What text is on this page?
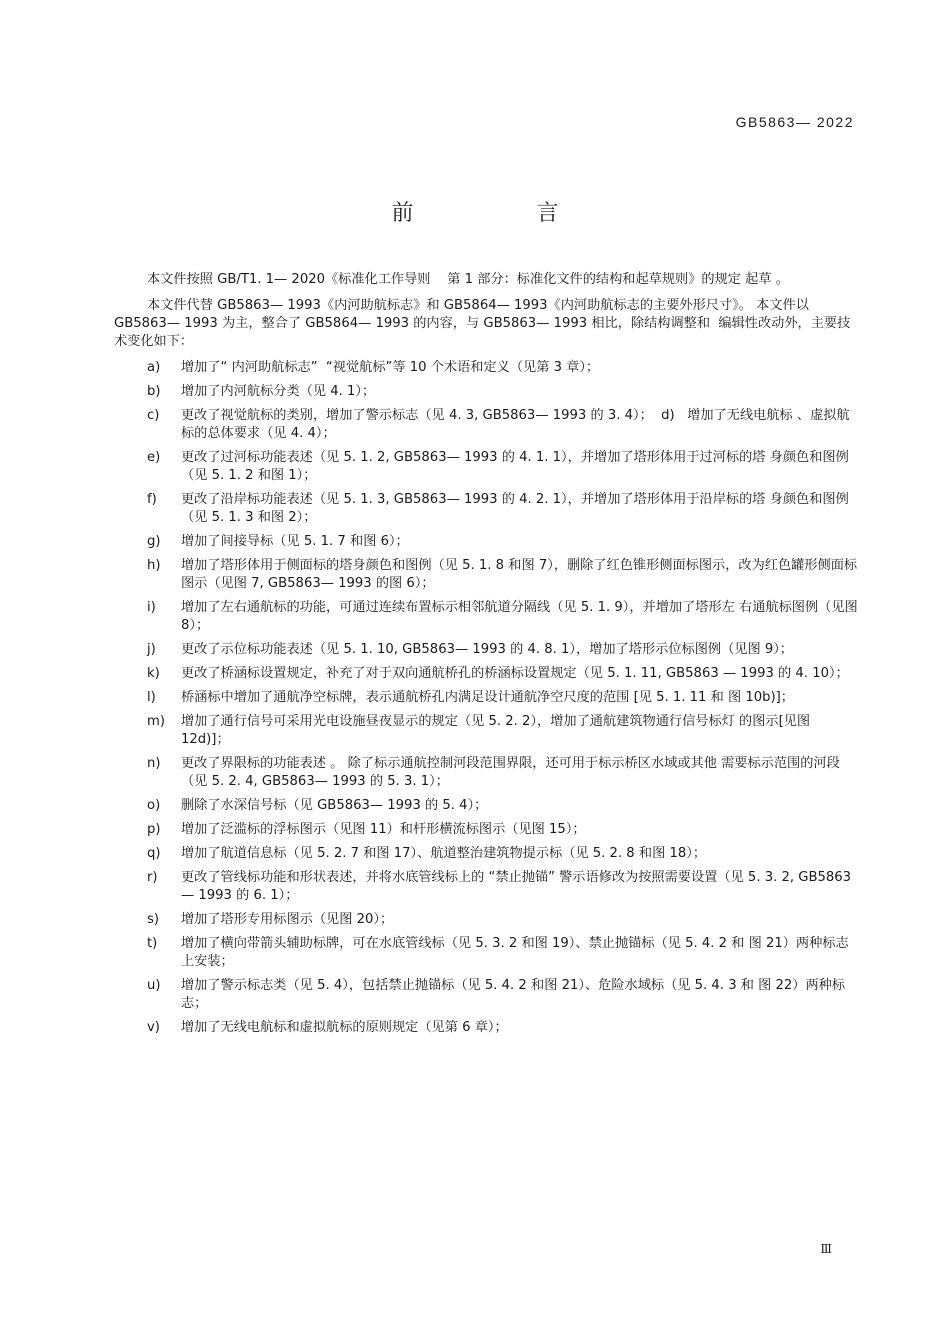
GB5863— 2022
前 言

本文件按照 GB/T1. 1— 2020《标准化工作导则    第 1 部分：标准化文件的结构和起草规则》的规定 起草 。

本文件代替 GB5863— 1993《内河助航标志》和 GB5864— 1993《内河助航标志的主要外形尺寸》。 本文件以 GB5863— 1993 为主，整合了 GB5864— 1993 的内容，与 GB5863— 1993 相比，除结构调整和  编辑性改动外，主要技术变化如下：

a)	增加了“ 内河助航标志”  “视觉航标”等 10 个术语和定义（见第 3 章）；
b)	增加了内河航标分类（见 4. 1）；
c)	更改了视觉航标的类别，增加了警示标志（见 4. 3, GB5863— 1993 的 3. 4）；  d)   增加了无线电航标 、虚拟航标的总体要求（见 4. 4）；
e)	更改了过河标功能表述（见 5. 1. 2, GB5863— 1993 的 4. 1. 1），并增加了塔形体用于过河标的塔 身颜色和图例（见 5. 1. 2 和图 1）；
f)	更改了沿岸标功能表述（见 5. 1. 3, GB5863— 1993 的 4. 2. 1），并增加了塔形体用于沿岸标的塔 身颜色和图例（见 5. 1. 3 和图 2）；
g)	增加了间接导标（见 5. 1. 7 和图 6）；
h)	增加了塔形体用于侧面标的塔身颜色和图例（见 5. 1. 8 和图 7），删除了红色锥形侧面标图示，改为红色罐形侧面标图示（见图 7, GB5863— 1993 的图 6）；
i)	增加了左右通航标的功能，可通过连续布置标示相邻航道分隔线（见 5. 1. 9），并增加了塔形左 右通航标图例（见图 8）；
j)	更改了示位标功能表述（见 5. 1. 10, GB5863— 1993 的 4. 8. 1），增加了塔形示位标图例（见图 9）；
k)	更改了桥涵标设置规定，补充了对于双向通航桥孔的桥涵标设置规定（见 5. 1. 11, GB5863 — 1993 的 4. 10）；
l)	桥涵标中增加了通航净空标牌，表示通航桥孔内满足设计通航净空尺度的范围 [见 5. 1. 11 和 图 10b)]；
m)	增加了通行信号可采用光电设施昼夜显示的规定（见 5. 2. 2），增加了通航建筑物通行信号标灯 的图示[见图 12d)]；
n)	更改了界限标的功能表述 。 除了标示通航控制河段范围界限，还可用于标示桥区水域或其他 需要标示范围的河段（见 5. 2. 4, GB5863— 1993 的 5. 3. 1）；
o)	删除了水深信号标（见 GB5863— 1993 的 5. 4）；
p)	增加了泛滥标的浮标图示（见图 11）和杆形横流标图示（见图 15）；
q)	增加了航道信息标（见 5. 2. 7 和图 17）、航道整治建筑物提示标（见 5. 2. 8 和图 18）；
r)	更改了管线标功能和形状表述，并将水底管线标上的 “禁止抛锚” 警示语修改为按照需要设置（见 5. 3. 2, GB5863— 1993 的 6. 1）；
s)	增加了塔形专用标图示（见图 20）；
t)	增加了横向带箭头辅助标牌，可在水底管线标（见 5. 3. 2 和图 19）、禁止抛锚标（见 5. 4. 2 和 图 21）两种标志上安装；
u)	增加了警示标志类（见 5. 4），包括禁止抛锚标（见 5. 4. 2 和图 21）、危险水域标（见 5. 4. 3 和 图 22）两种标志；
v)	增加了无线电航标和虚拟航标的原则规定（见第 6 章）；
Ⅲ
